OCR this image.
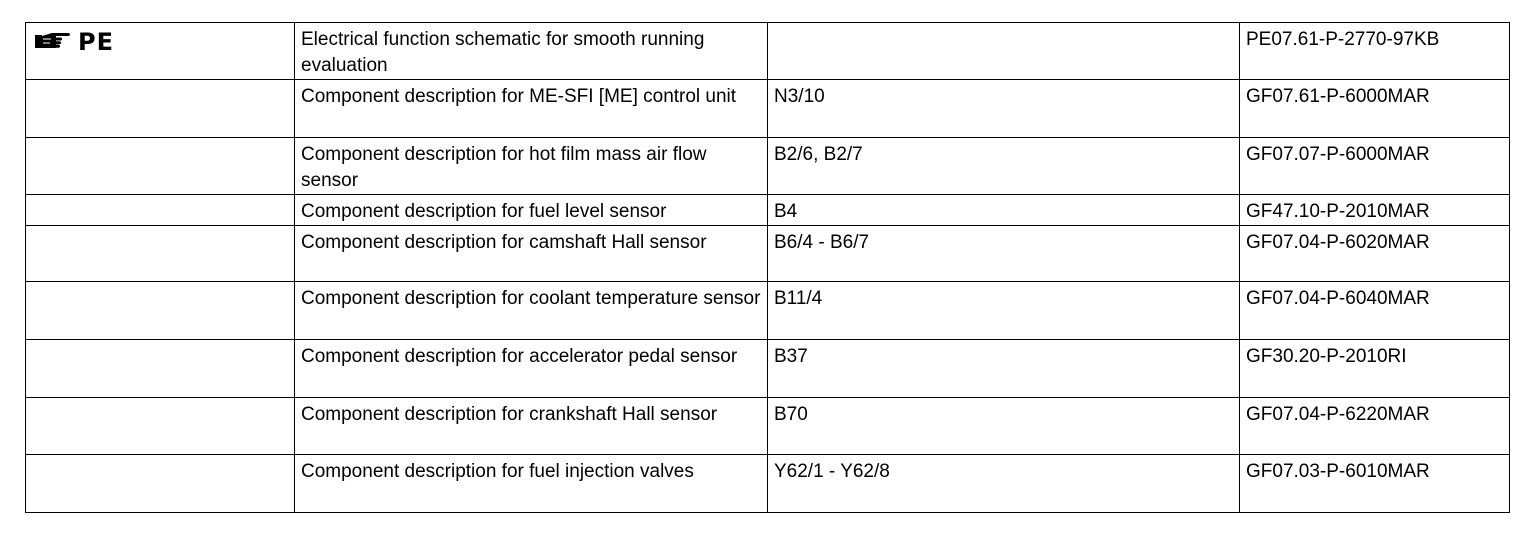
PE	Electrical function schematic for smooth running evaluation		PE07.61-P-2770-97KB
	Component description for ME-SFI [ME] control unit	N3/10	GF07.61-P-6000MAR
	Component description for hot film mass air flow sensor	B2/6, B2/7	GF07.07-P-6000MAR
	Component description for fuel level sensor	B4	GF47.10-P-2010MAR
	Component description for camshaft Hall sensor	B6/4 - B6/7	GF07.04-P-6020MAR
	Component description for coolant temperature sensor	B11/4	GF07.04-P-6040MAR
	Component description for accelerator pedal sensor	B37	GF30.20-P-2010RI
	Component description for crankshaft Hall sensor	B70	GF07.04-P-6220MAR
	Component description for fuel injection valves	Y62/1 - Y62/8	GF07.03-P-6010MAR
